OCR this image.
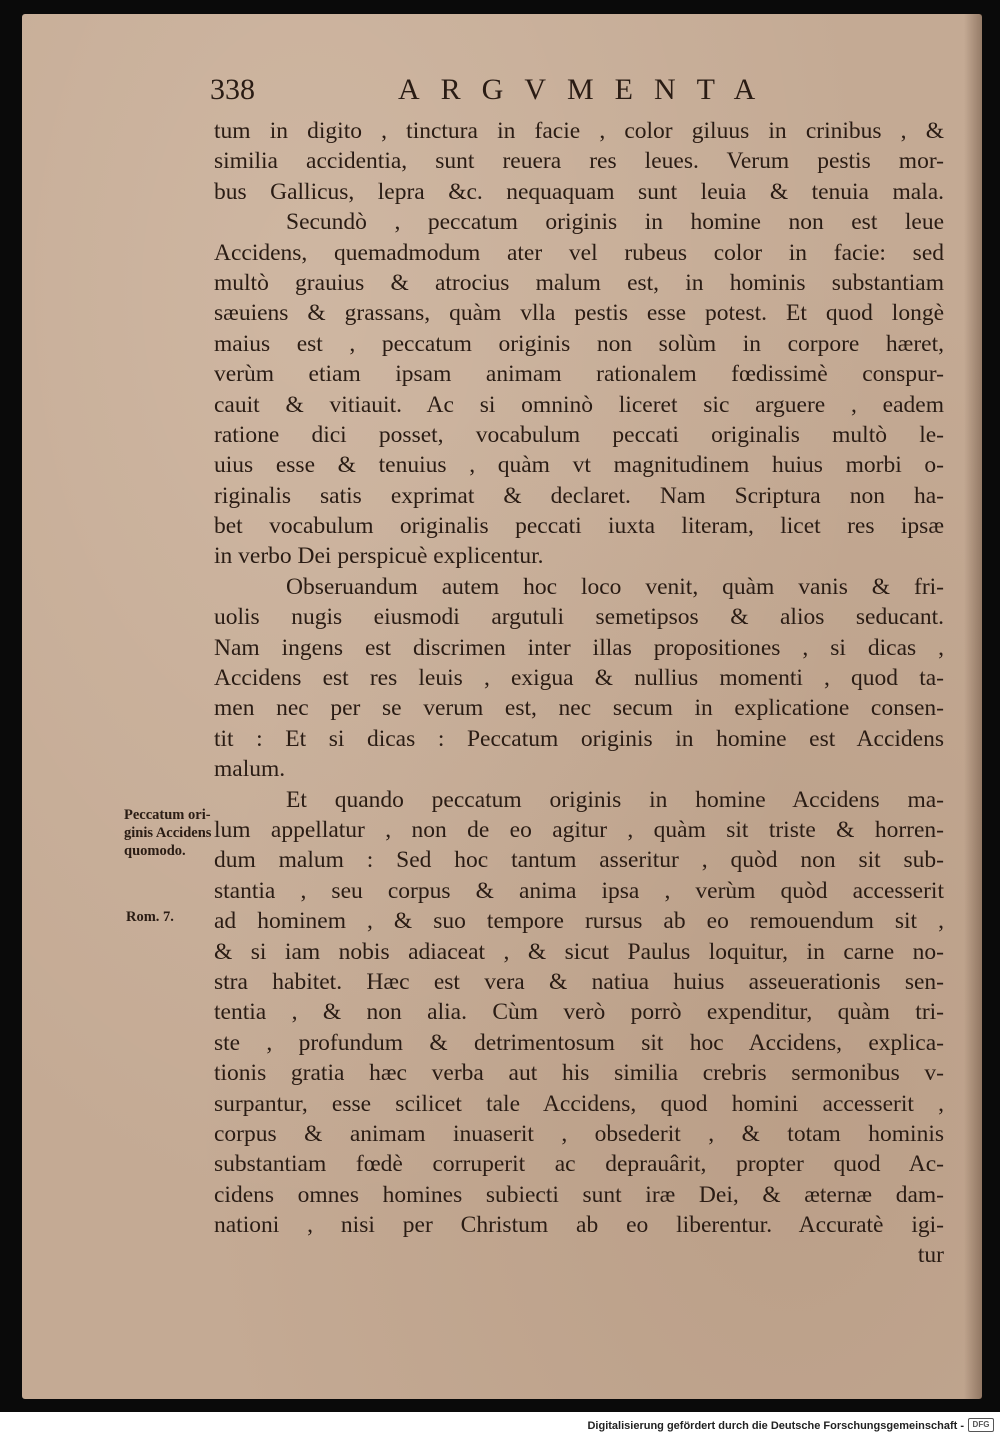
338	ARGVMENTA
tum in digito , tinctura in facie , color giluus in crinibus , &
similia accidentia, sunt reuera res leues. Verum pestis mor-
bus Gallicus, lepra &c. nequaquam sunt leuia & tenuia mala.
Secundò , peccatum originis in homine non est leue
Accidens, quemadmodum ater vel rubeus color in facie: sed
multò grauius & atrocius malum est, in hominis substantiam
sæuiens & grassans, quàm vlla pestis esse potest. Et quod longè
maius est , peccatum originis non solùm in corpore hæret,
verùm etiam ipsam animam rationalem fœdissimè conspur-
cauit & vitiauit. Ac si omninò liceret sic arguere , eadem
ratione dici posset, vocabulum peccati originalis multò le-
uius esse & tenuius , quàm vt magnitudinem huius morbi o-
riginalis satis exprimat & declaret. Nam Scriptura non ha-
bet vocabulum originalis peccati iuxta literam, licet res ipsæ
in verbo Dei perspicuè explicentur.
Obseruandum autem hoc loco venit, quàm vanis & fri-
uolis nugis eiusmodi argutuli semetipsos & alios seducant.
Nam ingens est discrimen inter illas propositiones , si dicas ,
Accidens est res leuis , exigua & nullius momenti , quod ta-
men nec per se verum est, nec secum in explicatione consen-
tit : Et si dicas : Peccatum originis in homine est Accidens
malum.
Et quando peccatum originis in homine Accidens ma-
lum appellatur , non de eo agitur , quàm sit triste & horren-
dum malum : Sed hoc tantum asseritur , quòd non sit sub-
stantia , seu corpus & anima ipsa , verùm quòd accesserit
ad hominem , & suo tempore rursus ab eo remouendum sit ,
& si iam nobis adiaceat , & sicut Paulus loquitur, in carne no-
stra habitet. Hæc est vera & natiua huius asseuerationis sen-
tentia , & non alia. Cùm verò porrò expenditur, quàm tri-
ste , profundum & detrimentosum sit hoc Accidens, explica-
tionis gratia hæc verba aut his similia crebris sermonibus v-
surpantur, esse scilicet tale Accidens, quod homini accesserit ,
corpus & animam inuaserit , obsederit , & totam hominis
substantiam fœdè corruperit ac deprauârit, propter quod Ac-
cidens omnes homines subiecti sunt iræ Dei, & æternæ dam-
nationi , nisi per Christum ab eo liberentur. Accuratè igi-
tur
Peccatum ori-
ginis Accidens
quomodo.
Rom. 7.
Digitalisierung gefördert durch die Deutsche Forschungsgemeinschaft -	DFG
